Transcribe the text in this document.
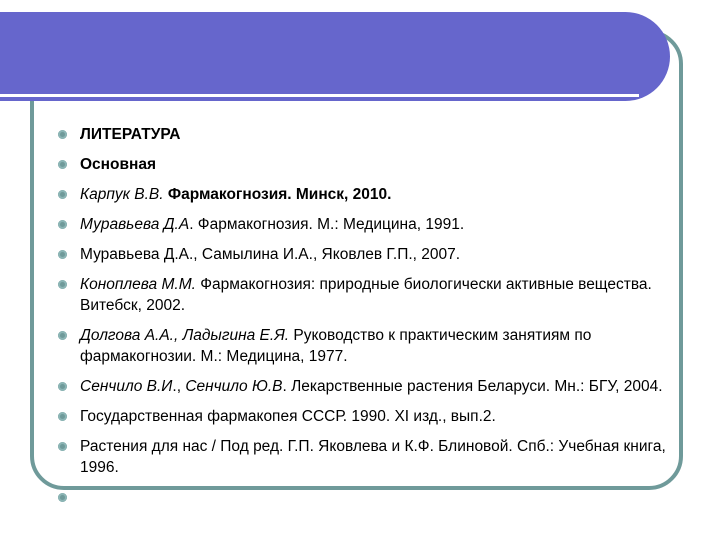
ЛИТЕРАТУРА
Основная
Карпук В.В. Фармакогнозия. Минск, 2010.
Муравьева Д.А. Фармакогнозия. М.: Медицина, 1991.
Муравьева Д.А., Самылина И.А., Яковлев Г.П., 2007.
Коноплева М.М. Фармакогнозия: природные биологически активные вещества. Витебск, 2002.
Долгова А.А., Ладыгина Е.Я. Руководство к практическим занятиям по фармакогнозии. М.: Медицина, 1977.
Сенчило В.И., Сенчило Ю.В. Лекарственные растения Беларуси. Мн.: БГУ, 2004.
Государственная фармакопея СССР. 1990. XI изд., вып.2.
Растения для нас / Под ред. Г.П. Яковлева и К.Ф. Блиновой. Спб.: Учебная книга, 1996.
